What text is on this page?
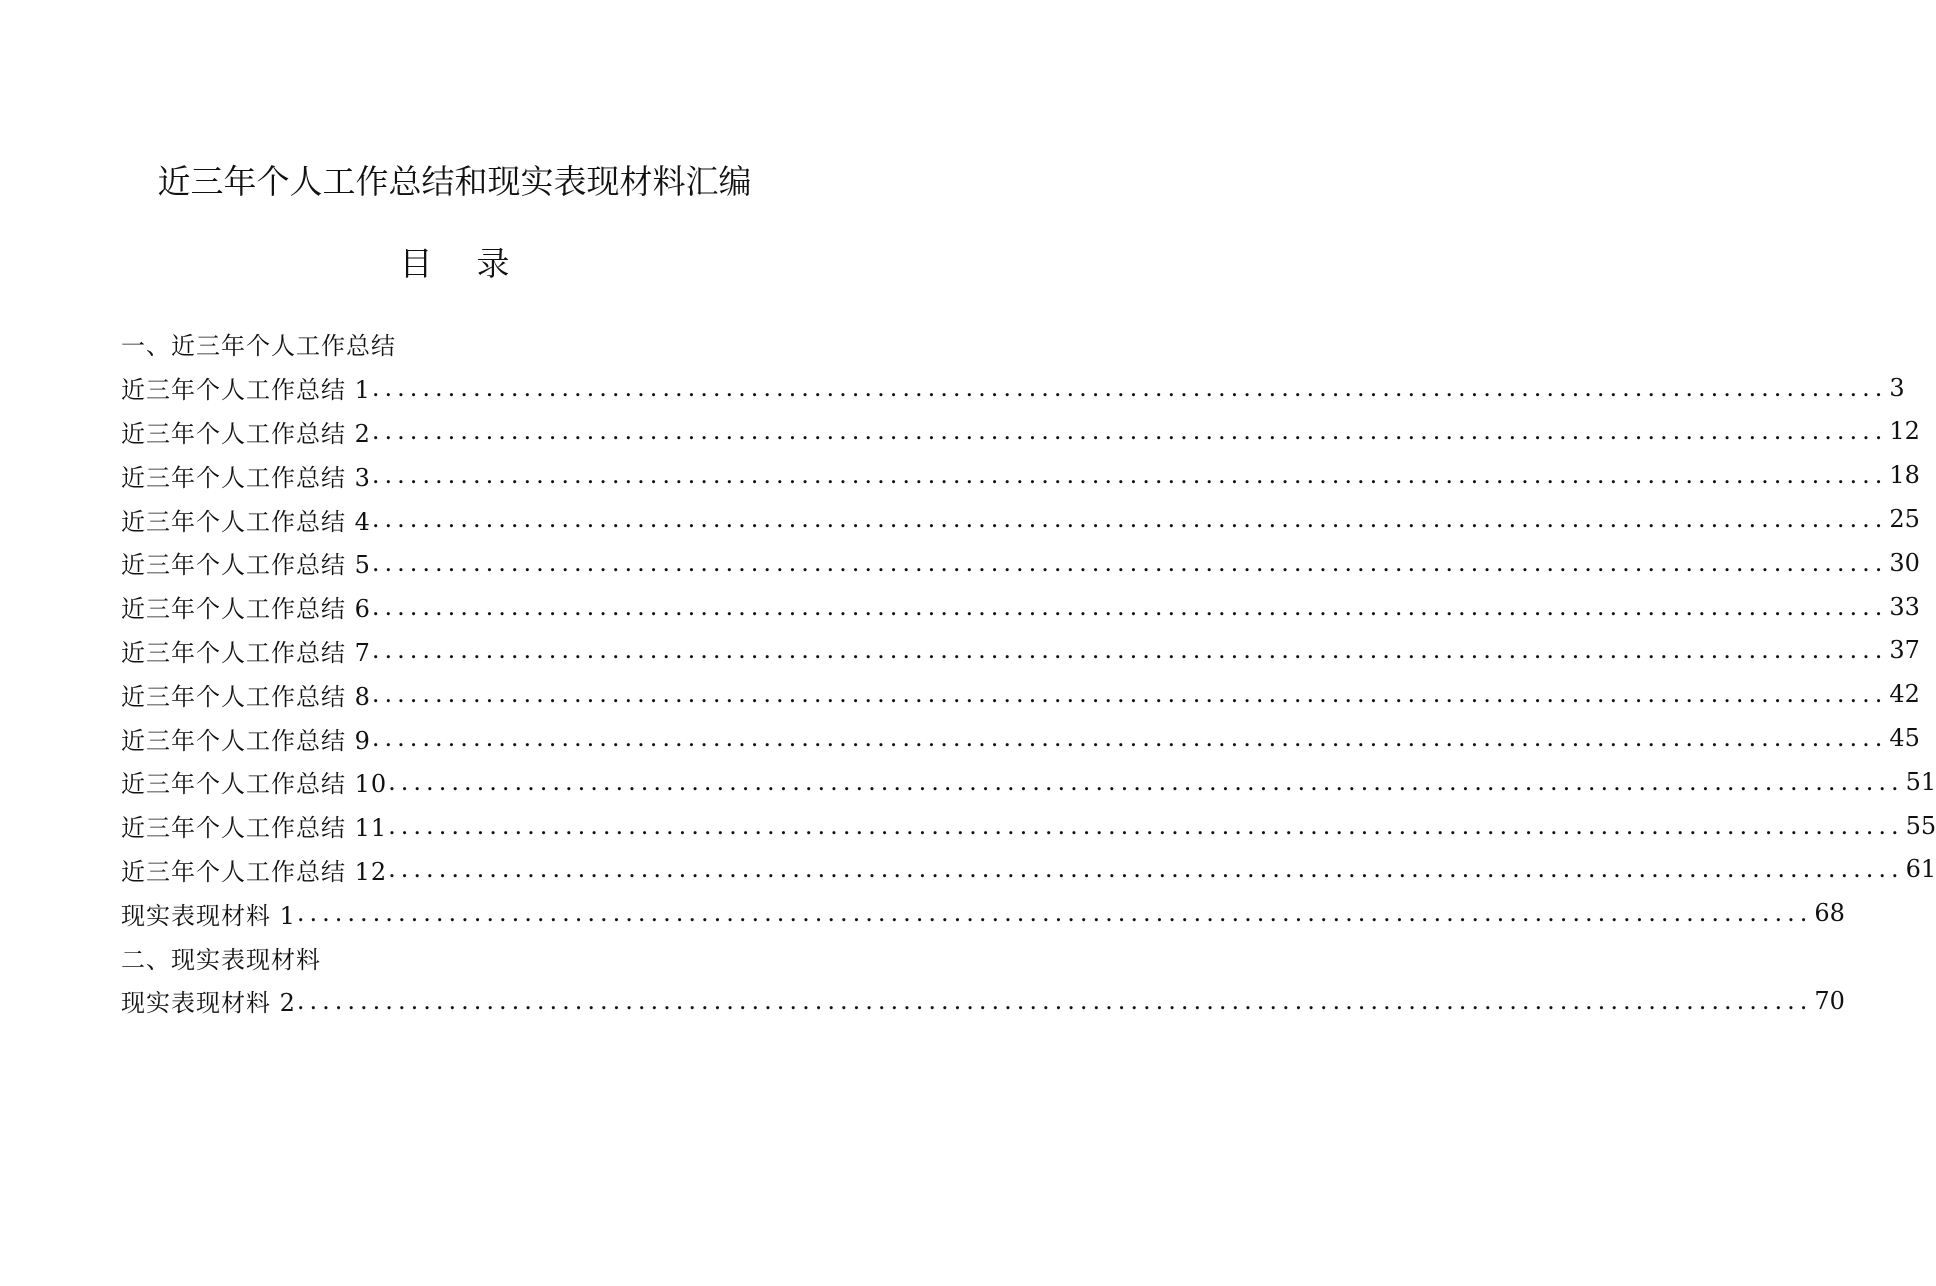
近三年个人工作总结和现实表现材料汇编
目录
一、近三年个人工作总结
近三年个人工作总结 1 ........................................................................................................................ 3
近三年个人工作总结 2 ........................................................................................................................ 12
近三年个人工作总结 3 ........................................................................................................................ 18
近三年个人工作总结 4 ........................................................................................................................ 25
近三年个人工作总结 5 ........................................................................................................................ 30
近三年个人工作总结 6 ........................................................................................................................ 33
近三年个人工作总结 7 ........................................................................................................................ 37
近三年个人工作总结 8 ........................................................................................................................ 42
近三年个人工作总结 9 ........................................................................................................................ 45
近三年个人工作总结 10 ........................................................................................................................ 51
近三年个人工作总结 11 ........................................................................................................................ 55
近三年个人工作总结 12 ........................................................................................................................ 61
现实表现材料 1 ........................................................................................................................ 68
二、现实表现材料
现实表现材料 2 ........................................................................................................................ 70
